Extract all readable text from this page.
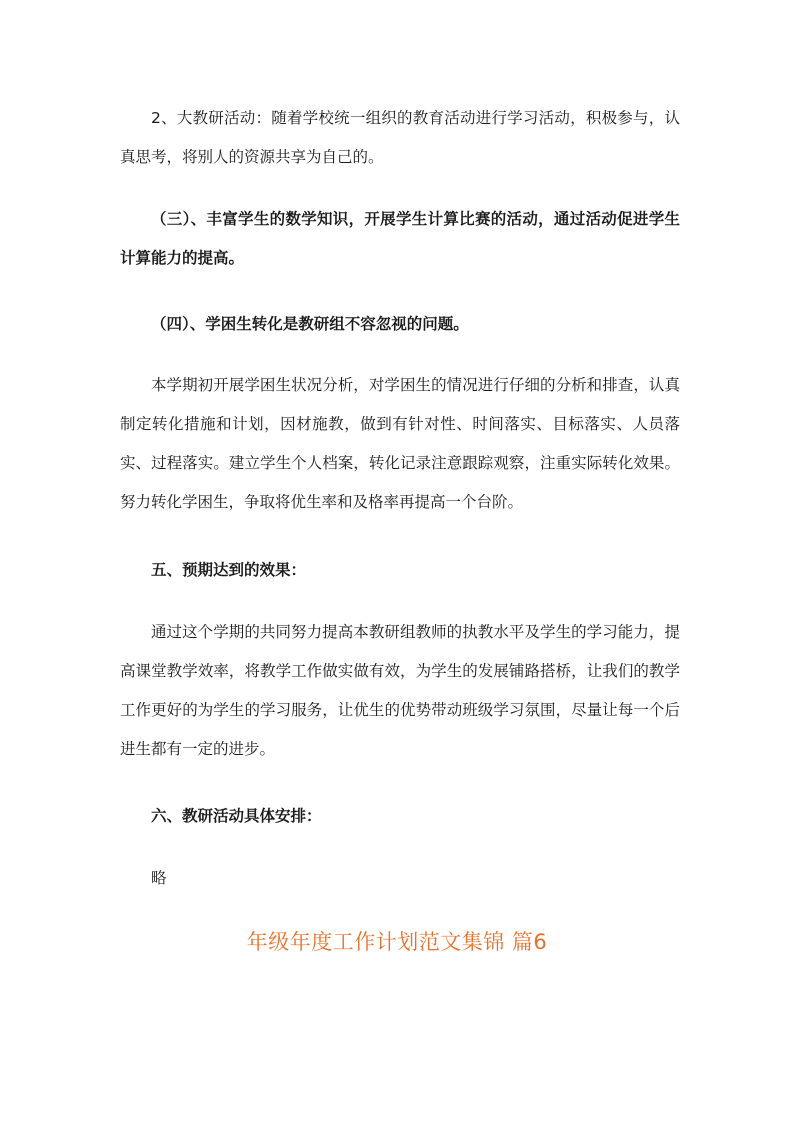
2、大教研活动：随着学校统一组织的教育活动进行学习活动，积极参与，认真思考，将别人的资源共享为自己的。

（三）、丰富学生的数学知识，开展学生计算比赛的活动，通过活动促进学生计算能力的提高。

（四）、学困生转化是教研组不容忽视的问题。

本学期初开展学困生状况分析，对学困生的情况进行仔细的分析和排查，认真制定转化措施和计划，因材施教，做到有针对性、时间落实、目标落实、人员落实、过程落实。建立学生个人档案，转化记录注意跟踪观察，注重实际转化效果。努力转化学困生，争取将优生率和及格率再提高一个台阶。

五、预期达到的效果：

通过这个学期的共同努力提高本教研组教师的执教水平及学生的学习能力，提高课堂教学效率，将教学工作做实做有效，为学生的发展铺路搭桥，让我们的教学工作更好的为学生的学习服务，让优生的优势带动班级学习氛围，尽量让每一个后进生都有一定的进步。

六、教研活动具体安排：

略

年级年度工作计划范文集锦 篇6
